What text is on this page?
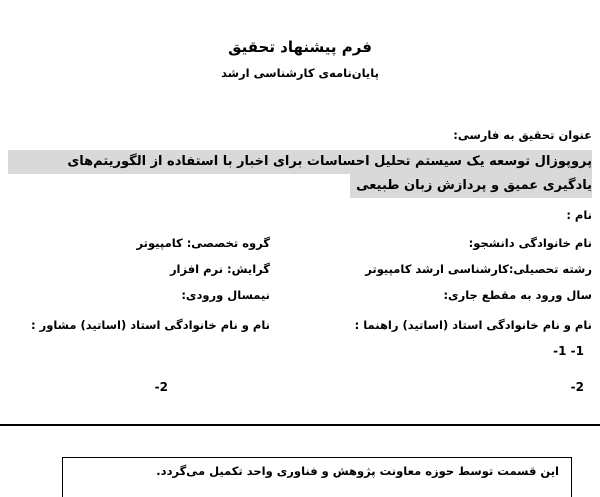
فرم پیشنهاد تحقیق
پایان‌نامه‌ی کارشناسی ارشد
عنوان تحقیق به فارسی:
پروپوزال توسعه یک سیستم تحلیل احساسات برای اخبار با استفاده از الگوریتم‌های
یادگیری عمیق و پردازش زبان طبیعی
نام :
نام خانوادگی دانشجو:
گروه تخصصی: کامپیوتر
رشته تحصیلی:کارشناسی ارشد کامپیوتر
گرایش: نرم افزار
سال ورود به مقطع جاری:
نیمسال ورودی:
نام و نام خانوادگی استاد (اساتید) راهنما :
نام و نام خانوادگی استاد (اساتید) مشاور :
1- 1-
2-
2-
این قسمت توسط حوزه معاونت پژوهش و فناوری واحد تکمیل می‌گردد.
